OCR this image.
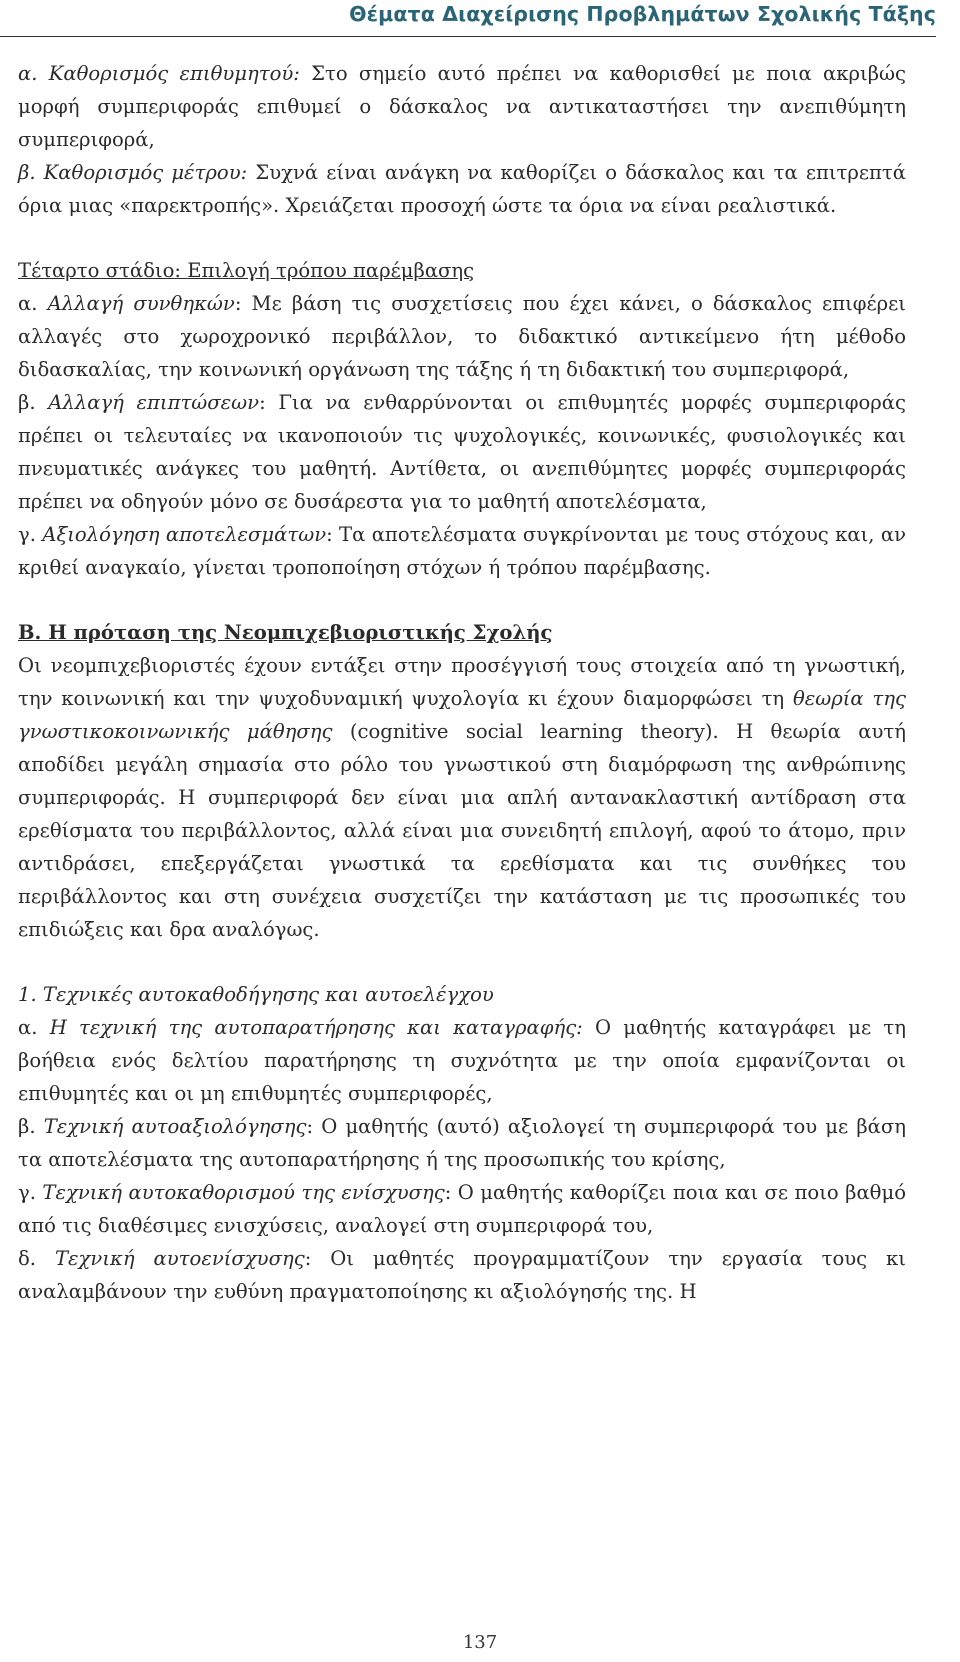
Θέματα Διαχείρισης Προβλημάτων Σχολικής Τάξης

α. Καθορισμός επιθυμητού: Στο σημείο αυτό πρέπει να καθορισθεί με ποια ακριβώς μορφή συμπεριφοράς επιθυμεί ο δάσκαλος να αντικαταστήσει την ανεπιθύμητη συμπεριφορά,

β. Καθορισμός μέτρου: Συχνά είναι ανάγκη να καθορίζει ο δάσκαλος και τα επιτρεπτά όρια μιας «παρεκτροπής». Χρειάζεται προσοχή ώστε τα όρια να είναι ρεαλιστικά.

Τέταρτο στάδιο: Επιλογή τρόπου παρέμβασης

α. Αλλαγή συνθηκών: Με βάση τις συσχετίσεις που έχει κάνει, ο δάσκαλος επιφέρει αλλαγές στο χωροχρονικό περιβάλλον, το διδακτικό αντικείμενο ήτη μέθοδο διδασκαλίας, την κοινωνική οργάνωση της τάξης ή τη διδακτική του συμπεριφορά,

β. Αλλαγή επιπτώσεων: Για να ενθαρρύνονται οι επιθυμητές μορφές συμπεριφοράς πρέπει οι τελευταίες να ικανοποιούν τις ψυχολογικές, κοινωνικές, φυσιολογικές και πνευματικές ανάγκες του μαθητή. Αντίθετα, οι ανεπιθύμητες μορφές συμπεριφοράς πρέπει να οδηγούν μόνο σε δυσάρεστα για το μαθητή αποτελέσματα,

γ. Αξιολόγηση αποτελεσμάτων: Τα αποτελέσματα συγκρίνονται με τους στόχους και, αν κριθεί αναγκαίο, γίνεται τροποποίηση στόχων ή τρόπου παρέμβασης.

Β. Η πρόταση της Νεομπιχεβιοριστικής Σχολής

Οι νεομπιχεβιοριστές έχουν εντάξει στην προσέγγισή τους στοιχεία από τη γνωστική, την κοινωνική και την ψυχοδυναμική ψυχολογία κι έχουν διαμορφώσει τη θεωρία της γνωστικοκοινωνικής μάθησης (cognitive social learning theory). Η θεωρία αυτή αποδίδει μεγάλη σημασία στο ρόλο του γνωστικού στη διαμόρφωση της ανθρώπινης συμπεριφοράς. Η συμπεριφορά δεν είναι μια απλή αντανακλαστική αντίδραση στα ερεθίσματα του περιβάλλοντος, αλλά είναι μια συνειδητή επιλογή, αφού το άτομο, πριν αντιδράσει, επεξεργάζεται γνωστικά τα ερεθίσματα και τις συνθήκες του περιβάλλοντος και στη συνέχεια συσχετίζει την κατάσταση με τις προσωπικές του επιδιώξεις και δρα αναλόγως.

1. Τεχνικές αυτοκαθοδήγησης και αυτοελέγχου

α. Η τεχνική της αυτοπαρατήρησης και καταγραφής: Ο μαθητής καταγράφει με τη βοήθεια ενός δελτίου παρατήρησης τη συχνότητα με την οποία εμφανίζονται οι επιθυμητές και οι μη επιθυμητές συμπεριφορές,

β. Τεχνική αυτοαξιολόγησης: Ο μαθητής (αυτό) αξιολογεί τη συμπεριφορά του με βάση τα αποτελέσματα της αυτοπαρατήρησης ή της προσωπικής του κρίσης,

γ. Τεχνική αυτοκαθορισμού της ενίσχυσης: Ο μαθητής καθορίζει ποια και σε ποιο βαθμό από τις διαθέσιμες ενισχύσεις, αναλογεί στη συμπεριφορά του,

δ. Τεχνική αυτοενίσχυσης: Οι μαθητές προγραμματίζουν την εργασία τους κι αναλαμβάνουν την ευθύνη πραγματοποίησης κι αξιολόγησής της. Η

137
